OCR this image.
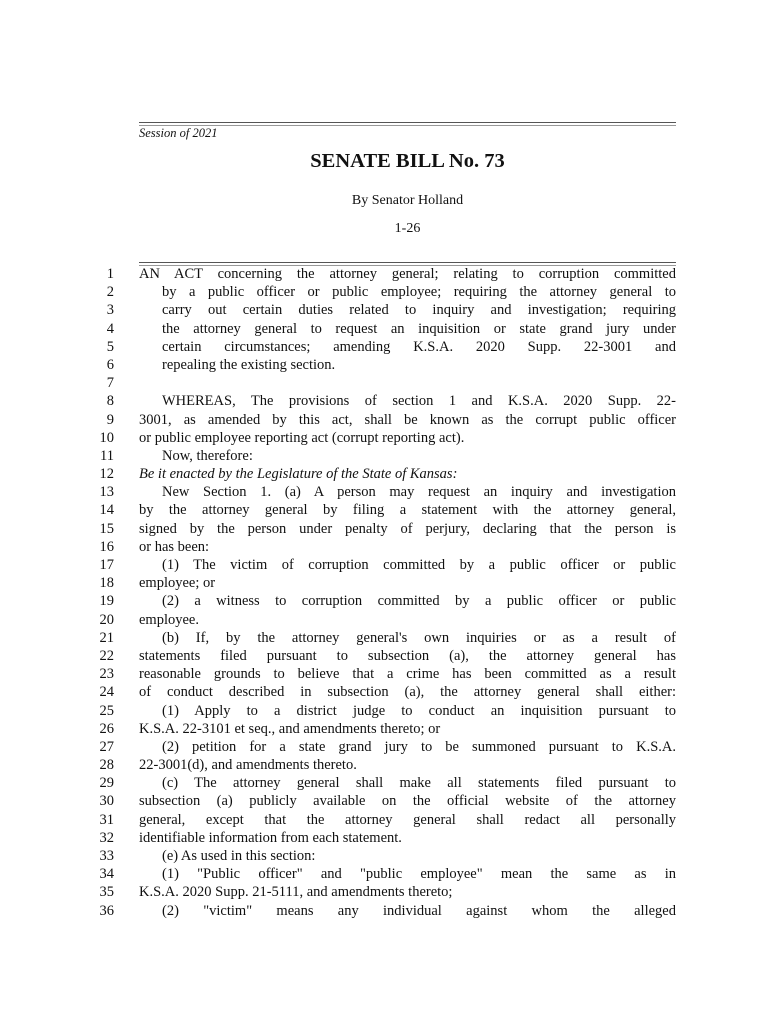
Session of 2021
SENATE BILL No. 73
By Senator Holland
1-26
1 AN ACT concerning the attorney general; relating to corruption committed
2	by a public officer or public employee; requiring the attorney general to
3	carry out certain duties related to inquiry and investigation; requiring
4	the attorney general to request an inquisition or state grand jury under
5	certain circumstances; amending K.S.A. 2020 Supp. 22-3001 and
6	repealing the existing section.
7
8	WHEREAS, The provisions of section 1 and K.S.A. 2020 Supp. 22-
9 3001, as amended by this act, shall be known as the corrupt public officer
10 or public employee reporting act (corrupt reporting act).
11	Now, therefore:
12 Be it enacted by the Legislature of the State of Kansas:
13	New Section 1. (a) A person may request an inquiry and investigation
14 by the attorney general by filing a statement with the attorney general,
15 signed by the person under penalty of perjury, declaring that the person is
16 or has been:
17	(1) The victim of corruption committed by a public officer or public
18 employee; or
19	(2) a witness to corruption committed by a public officer or public
20 employee.
21	(b) If, by the attorney general's own inquiries or as a result of
22 statements filed pursuant to subsection (a), the attorney general has
23 reasonable grounds to believe that a crime has been committed as a result
24 of conduct described in subsection (a), the attorney general shall either:
25	(1) Apply to a district judge to conduct an inquisition pursuant to
26 K.S.A. 22-3101 et seq., and amendments thereto; or
27	(2) petition for a state grand jury to be summoned pursuant to K.S.A.
28 22-3001(d), and amendments thereto.
29	(c) The attorney general shall make all statements filed pursuant to
30 subsection (a) publicly available on the official website of the attorney
31 general, except that the attorney general shall redact all personally
32 identifiable information from each statement.
33	(e) As used in this section:
34	(1) "Public officer" and "public employee" mean the same as in
35 K.S.A. 2020 Supp. 21-5111, and amendments thereto;
36	(2) "victim" means any individual against whom the alleged
